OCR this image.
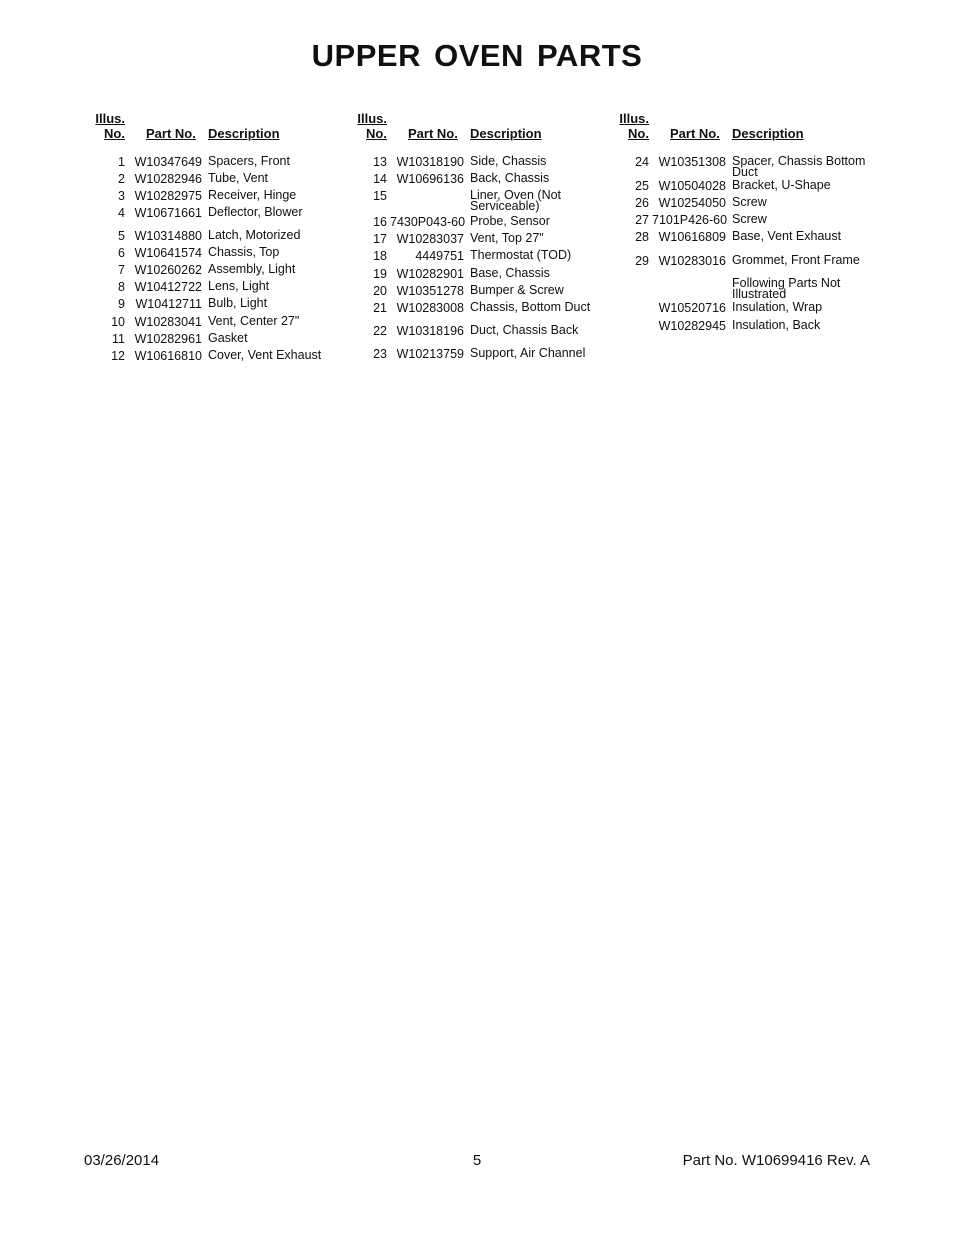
UPPER OVEN PARTS
Illus.
No. Part No. Description
1 W10347649 Spacers, Front
2 W10282946 Tube, Vent
3 W10282975 Receiver, Hinge
4 W10671661 Deflector, Blower
5 W10314880 Latch, Motorized
6 W10641574 Chassis, Top
7 W10260262 Assembly, Light
8 W10412722 Lens, Light
9 W10412711 Bulb, Light
10 W10283041 Vent, Center 27"
11 W10282961 Gasket
12 W10616810 Cover, Vent Exhaust
Illus.
No. Part No. Description
13 W10318190 Side, Chassis
14 W10696136 Back, Chassis
15	Liner, Oven (Not Serviceable)
16 7430P043-60 Probe, Sensor
17 W10283037 Vent, Top 27"
18	4449751 Thermostat (TOD)
19 W10282901 Base, Chassis
20 W10351278 Bumper & Screw
21 W10283008 Chassis, Bottom Duct
22 W10318196 Duct, Chassis Back
23 W10213759 Support, Air Channel
Illus.
No. Part No. Description
24 W10351308 Spacer, Chassis Bottom Duct
25 W10504028 Bracket, U-Shape
26 W10254050 Screw
27 7101P426-60 Screw
28 W10616809 Base, Vent Exhaust
29 W10283016 Grommet, Front Frame
Following Parts Not Illustrated
W10520716 Insulation, Wrap
W10282945 Insulation, Back
03/26/2014	5	Part No. W10699416 Rev. A
